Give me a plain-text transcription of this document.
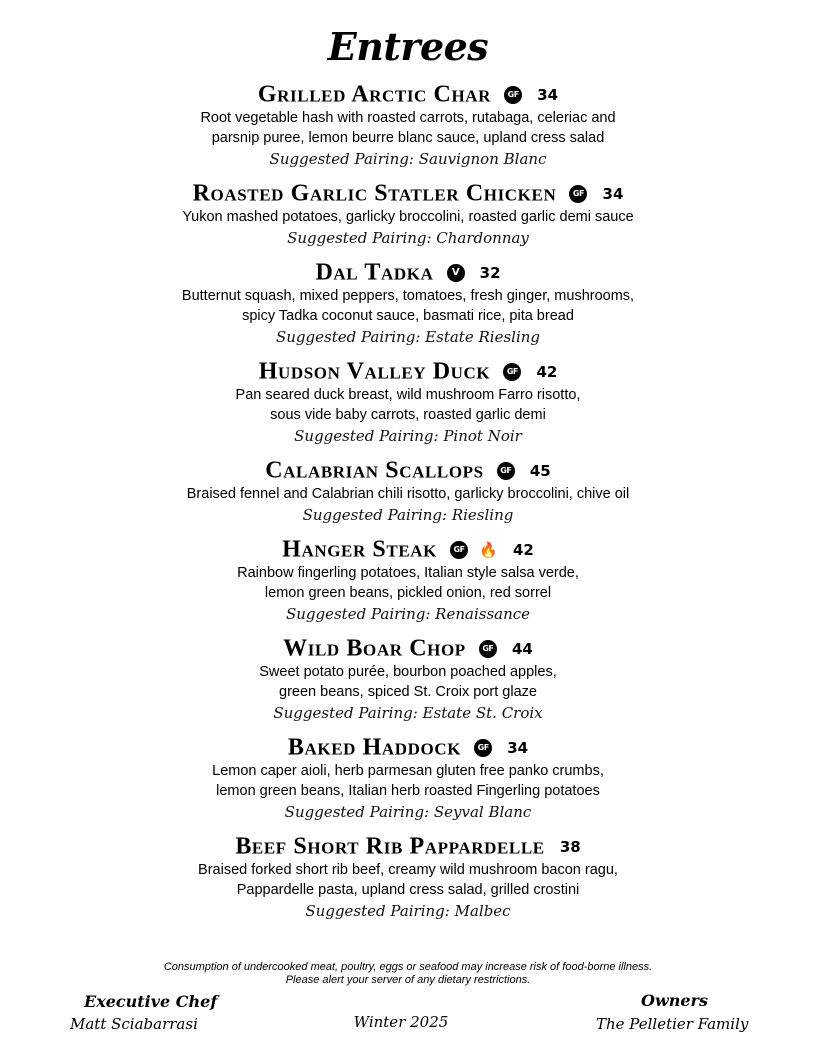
Entrees
Grilled Arctic Char GF 34
Root vegetable hash with roasted carrots, rutabaga, celeriac and
parsnip puree, lemon beurre blanc sauce, upland cress salad
Suggested Pairing: Sauvignon Blanc
Roasted Garlic Statler Chicken GF 34
Yukon mashed potatoes, garlicky broccolini, roasted garlic demi sauce
Suggested Pairing: Chardonnay
Dal Tadka V 32
Butternut squash, mixed peppers, tomatoes, fresh ginger, mushrooms,
spicy Tadka coconut sauce, basmati rice, pita bread
Suggested Pairing: Estate Riesling
Hudson Valley Duck GF 42
Pan seared duck breast, wild mushroom Farro risotto,
sous vide baby carrots, roasted garlic demi
Suggested Pairing: Pinot Noir
Calabrian Scallops GF 45
Braised fennel and Calabrian chili risotto, garlicky broccolini, chive oil
Suggested Pairing: Riesling
Hanger Steak GF 🔥 42
Rainbow fingerling potatoes, Italian style salsa verde,
lemon green beans, pickled onion, red sorrel
Suggested Pairing: Renaissance
Wild Boar Chop GF 44
Sweet potato purée, bourbon poached apples,
green beans, spiced St. Croix port glaze
Suggested Pairing: Estate St. Croix
Baked Haddock GF 34
Lemon caper aioli, herb parmesan gluten free panko crumbs,
lemon green beans, Italian herb roasted Fingerling potatoes
Suggested Pairing: Seyval Blanc
Beef Short Rib Pappardelle 38
Braised forked short rib beef, creamy wild mushroom bacon ragu,
Pappardelle pasta, upland cress salad, grilled crostini
Suggested Pairing: Malbec
Consumption of undercooked meat, poultry, eggs or seafood may increase risk of food-borne illness.
Please alert your server of any dietary restrictions.
Executive Chef
Matt Sciabarrasi	Winter 2025
Owners
The Pelletier Family
